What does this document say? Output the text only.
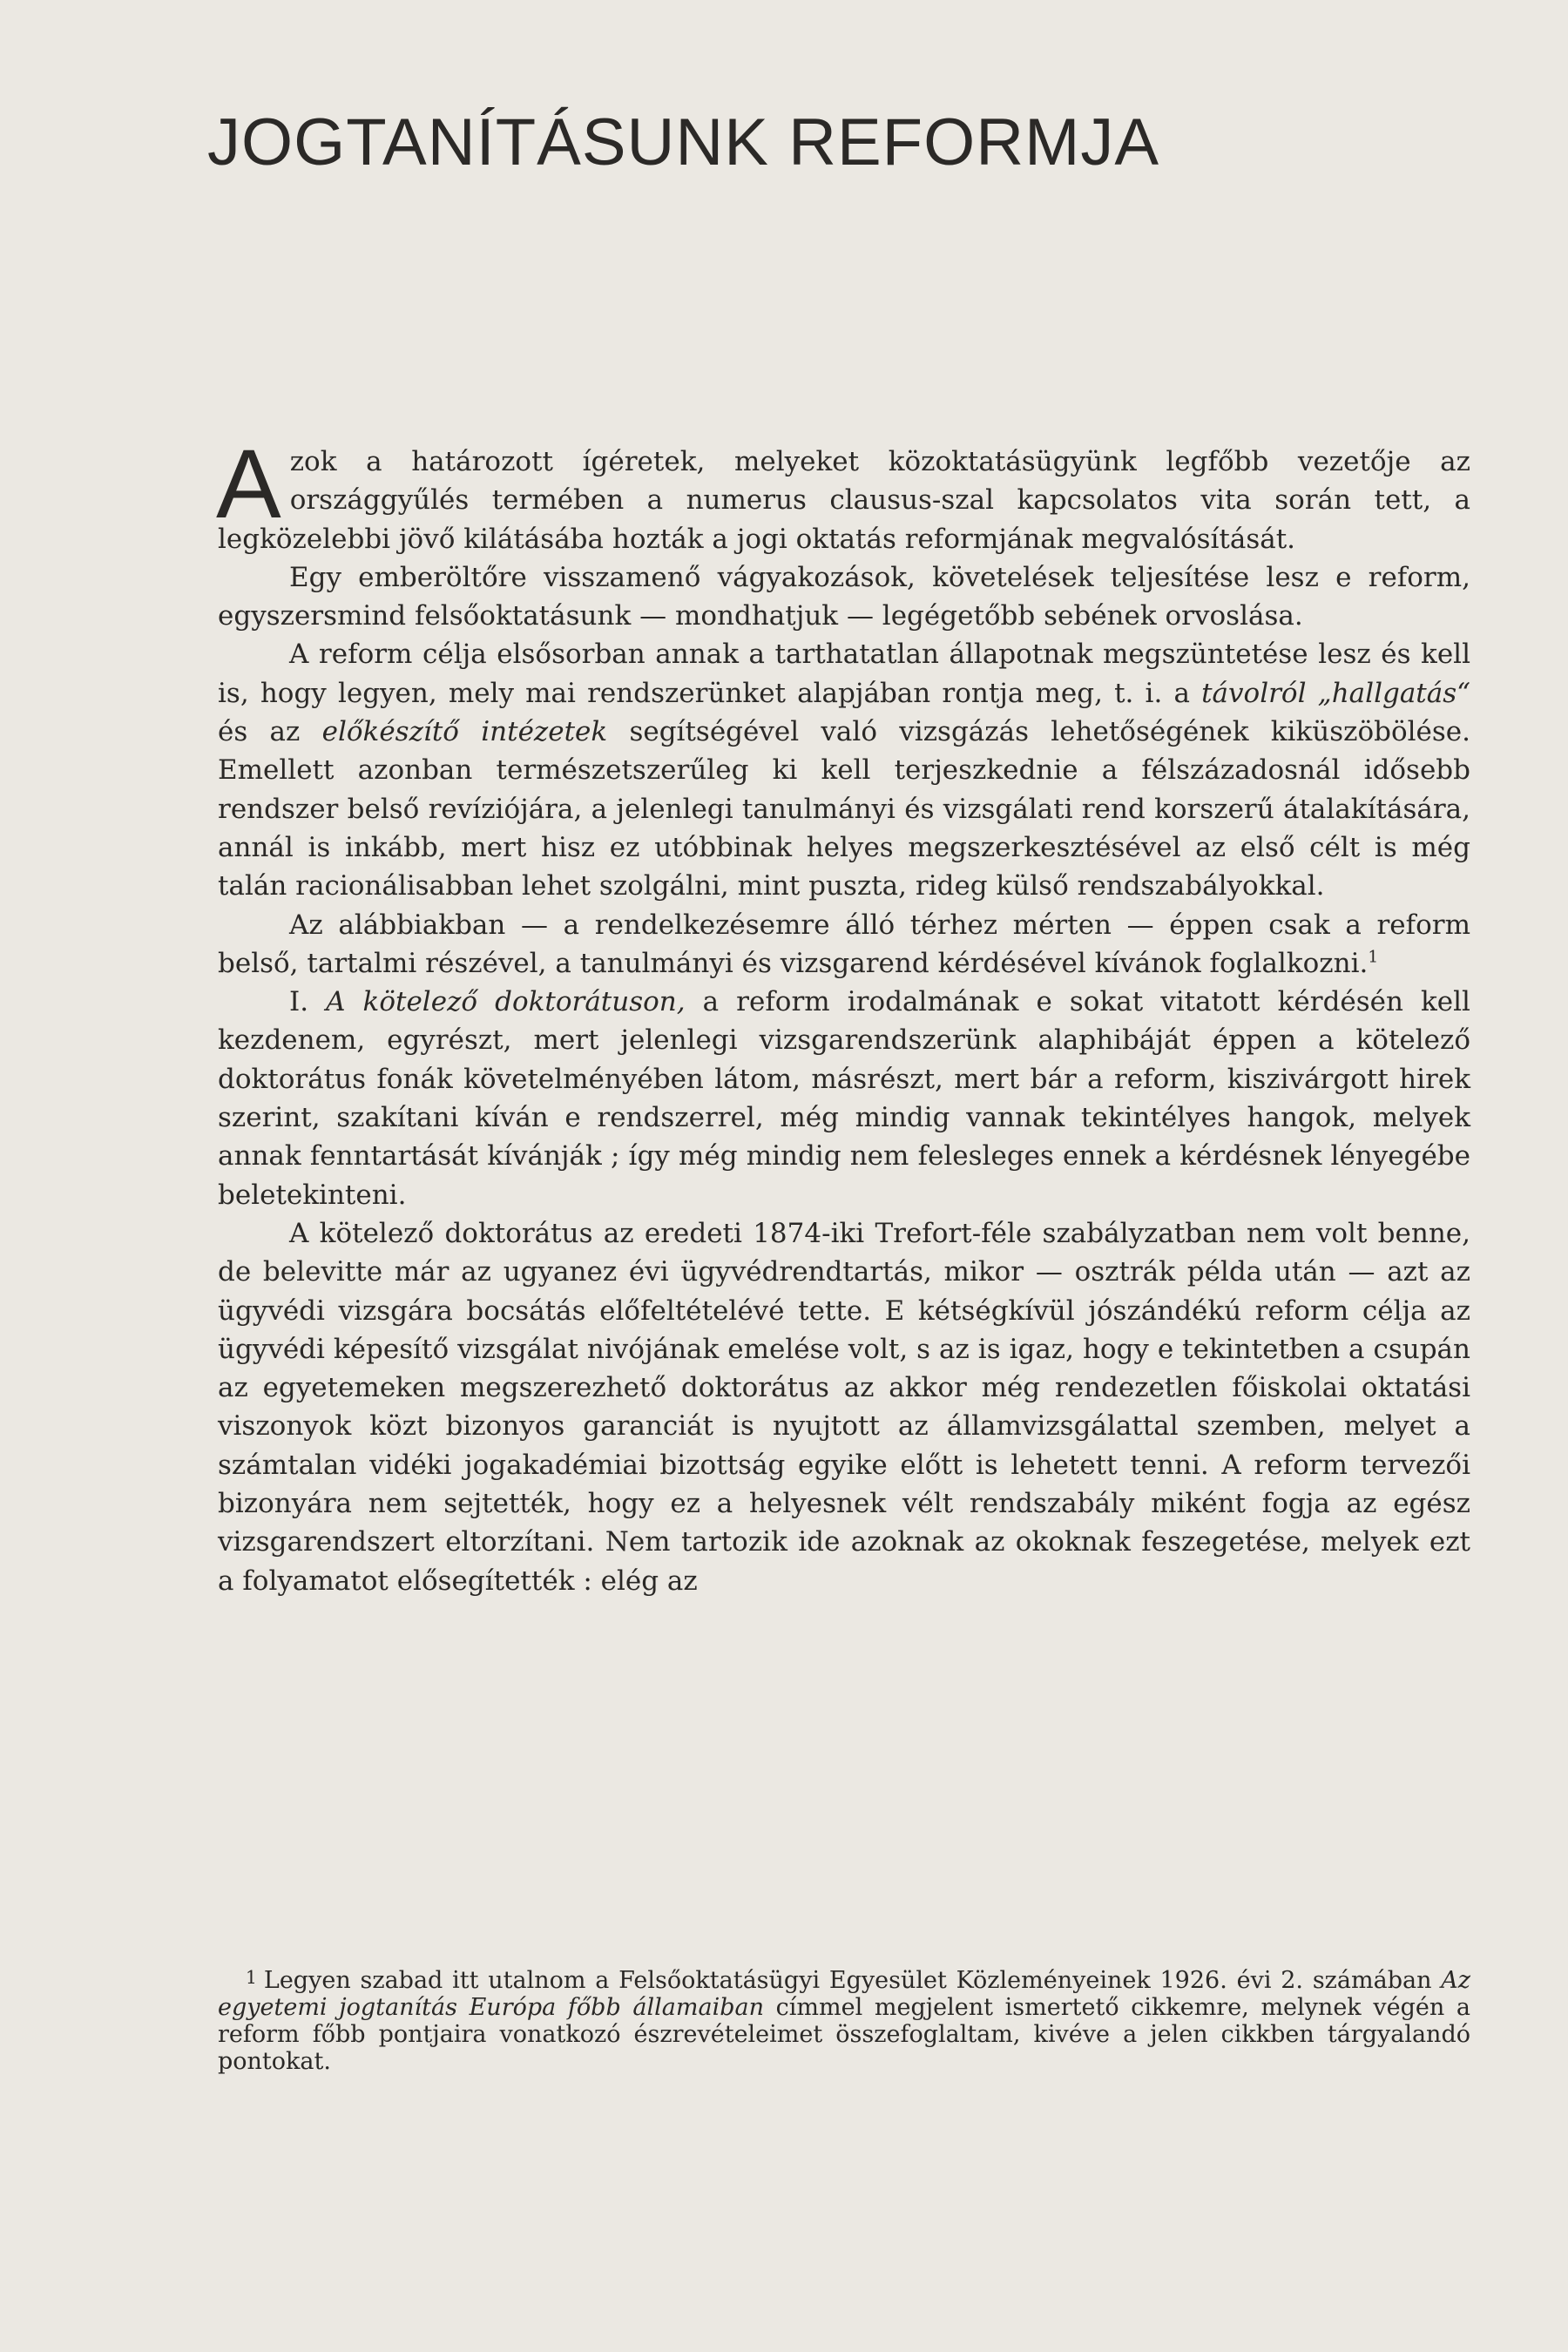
JOGTANÍTÁSUNK REFORMJA

Azok a határozott ígéretek, melyeket közoktatásügyünk legfőbb vezetője az országgyűlés termében a numerus clausus-szal kapcsolatos vita során tett, a legközelebbi jövő kilátásába hozták a jogi oktatás reformjának megvalósítását.

Egy emberöltőre visszamenő vágyakozások, követelések teljesítése lesz e reform, egyszersmind felsőoktatásunk — mondhatjuk — legégetőbb sebének orvoslása.

A reform célja elsősorban annak a tarthatatlan állapotnak megszüntetése lesz és kell is, hogy legyen, mely mai rendszerünket alapjában rontja meg, t. i. a távolról „hallgatás“ és az előkészítő intézetek segítségével való vizsgázás lehetőségének kiküszöbölése. Emellett azonban természetszerűleg ki kell terjeszkednie a félszázadosnál idősebb rendszer belső revíziójára, a jelenlegi tanulmányi és vizsgálati rend korszerű átalakítására, annál is inkább, mert hisz ez utóbbinak helyes megszerkesztésével az első célt is még talán racionálisabban lehet szolgálni, mint puszta, rideg külső rendszabályokkal.

Az alábbiakban — a rendelkezésemre álló térhez mérten — éppen csak a reform belső, tartalmi részével, a tanulmányi és vizsgarend kérdésével kívánok foglalkozni.$^1$

I. A kötelező doktorátuson, a reform irodalmának e sokat vitatott kérdésén kell kezdenem, egyrészt, mert jelenlegi vizsgarendszerünk alaphibáját éppen a kötelező doktorátus fonák követelményében látom, másrészt, mert bár a reform, kiszivárgott hirek szerint, szakítani kíván e rendszerrel, még mindig vannak tekintélyes hangok, melyek annak fenntartását kívánják ; így még mindig nem felesleges ennek a kérdésnek lényegébe beletekinteni.

A kötelező doktorátus az eredeti 1874-iki Trefort-féle szabályzatban nem volt benne, de belevitte már az ugyanez évi ügyvédrendtartás, mikor — osztrák példa után — azt az ügyvédi vizsgára bocsátás előfeltételévé tette. E kétségkívül jószándékú reform célja az ügyvédi képesítő vizsgálat nivójának emelése volt, s az is igaz, hogy e tekintetben a csupán az egyetemeken megszerezhető doktorátus az akkor még rendezetlen főiskolai oktatási viszonyok közt bizonyos garanciát is nyujtott az államvizsgálattal szemben, melyet a számtalan vidéki jogakadémiai bizottság egyike előtt is lehetett tenni. A reform tervezői bizonyára nem sejtették, hogy ez a helyesnek vélt rendszabály miként fogja az egész vizsgarendszert eltorzítani. Nem tartozik ide azoknak az okoknak feszegetése, melyek ezt a folyamatot elősegítették : elég az

$^1$ Legyen szabad itt utalnom a Felsőoktatásügyi Egyesület Közleményeinek 1926. évi 2. számában Az egyetemi jogtanítás Európa főbb államaiban címmel megjelent ismertető cikkemre, melynek végén a reform főbb pontjaira vonatkozó észrevételeimet összefoglaltam, kivéve a jelen cikkben tárgyalandó pontokat.
